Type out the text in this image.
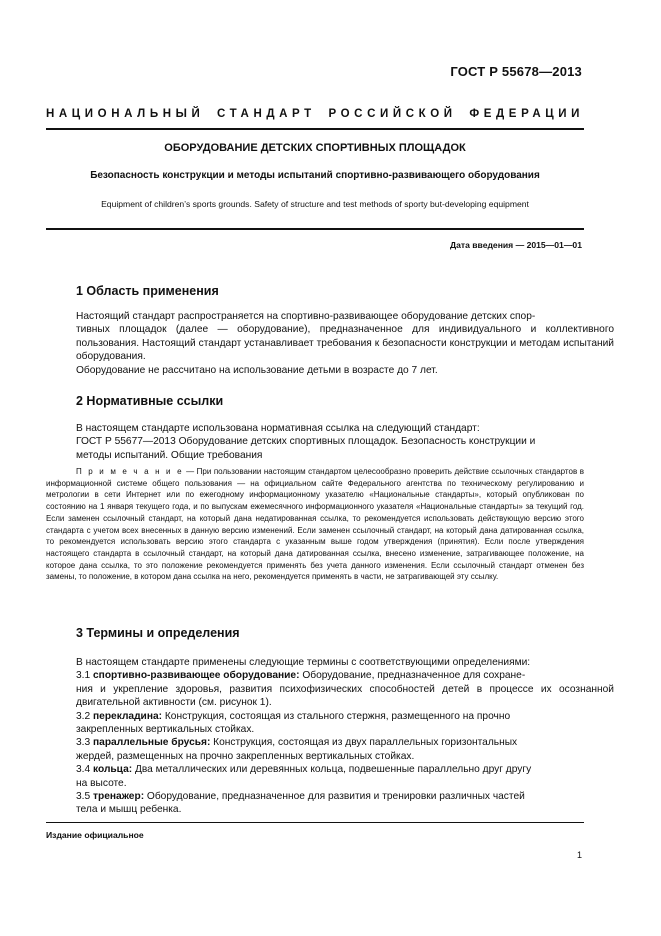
ГОСТ Р 55678—2013
НАЦИОНАЛЬНЫЙ СТАНДАРТ РОССИЙСКОЙ ФЕДЕРАЦИИ
ОБОРУДОВАНИЕ ДЕТСКИХ СПОРТИВНЫХ ПЛОЩАДОК
Безопасность конструкции и методы испытаний спортивно-развивающего оборудования
Equipment of children’s sports grounds. Safety of structure and test methods of sporty but-developing equipment
Дата введения — 2015—01—01
1 Область применения

Настоящий стандарт распространяется на спортивно-развивающее оборудование детских спор-

тивных площадок (далее — оборудование), предназначенное для индивидуального и коллективного пользования. Настоящий стандарт устанавливает требования к безопасности конструкции и методам испытаний оборудования.

Оборудование не рассчитано на использование детьми в возрасте до 7 лет.

2 Нормативные ссылки

В настоящем стандарте использована нормативная ссылка на следующий стандарт:

ГОСТ Р 55677—2013 Оборудование детских спортивных площадок. Безопасность конструкции и

методы испытаний. Общие требования

П р и м е ч а н и е — При пользовании настоящим стандартом целесообразно проверить действие ссылочных стандартов в информационной системе общего пользования — на официальном сайте Федерального агентства по техническому регулированию и метрологии в сети Интернет или по ежегодному информационному указателю «Национальные стандарты», который опубликован по состоянию на 1 января текущего года, и по выпускам ежемесячного информационного указателя «Национальные стандарты» за текущий год. Если заменен ссылочный стандарт, на который дана недатированная ссылка, то рекомендуется использовать действующую версию этого стандарта с учетом всех внесенных в данную версию изменений. Если заменен ссылочный стандарт, на который дана датированная ссылка, то рекомендуется использовать версию этого стандарта с указанным выше годом утверждения (принятия). Если после утверждения настоящего стандарта в ссылочный стандарт, на который дана датированная ссылка, внесено изменение, затрагивающее положение, на которое дана ссылка, то это положение рекомендуется применять без учета данного изменения. Если ссылочный стандарт отменен без замены, то положение, в котором дана ссылка на него, рекомендуется применять в части, не затрагивающей эту ссылку.
3 Термины и определения

В настоящем стандарте применены следующие термины с соответствующими определениями:

3.1 спортивно-развивающее оборудование: Оборудование, предназначенное для сохране-

ния и укрепление здоровья, развития психофизических способностей детей в процессе их осознанной двигательной активности (см. рисунок 1).

3.2 перекладина: Конструкция, состоящая из стального стержня, размещенного на прочно

закрепленных вертикальных стойках.

3.3 параллельные брусья: Конструкция, состоящая из двух параллельных горизонтальных

жердей, размещенных на прочно закрепленных вертикальных стойках.

3.4 кольца: Два металлических или деревянных кольца, подвешенные параллельно друг другу

на высоте.

3.5 тренажер: Оборудование, предназначенное для развития и тренировки различных частей

тела и мышц ребенка.

Издание официальное
1
